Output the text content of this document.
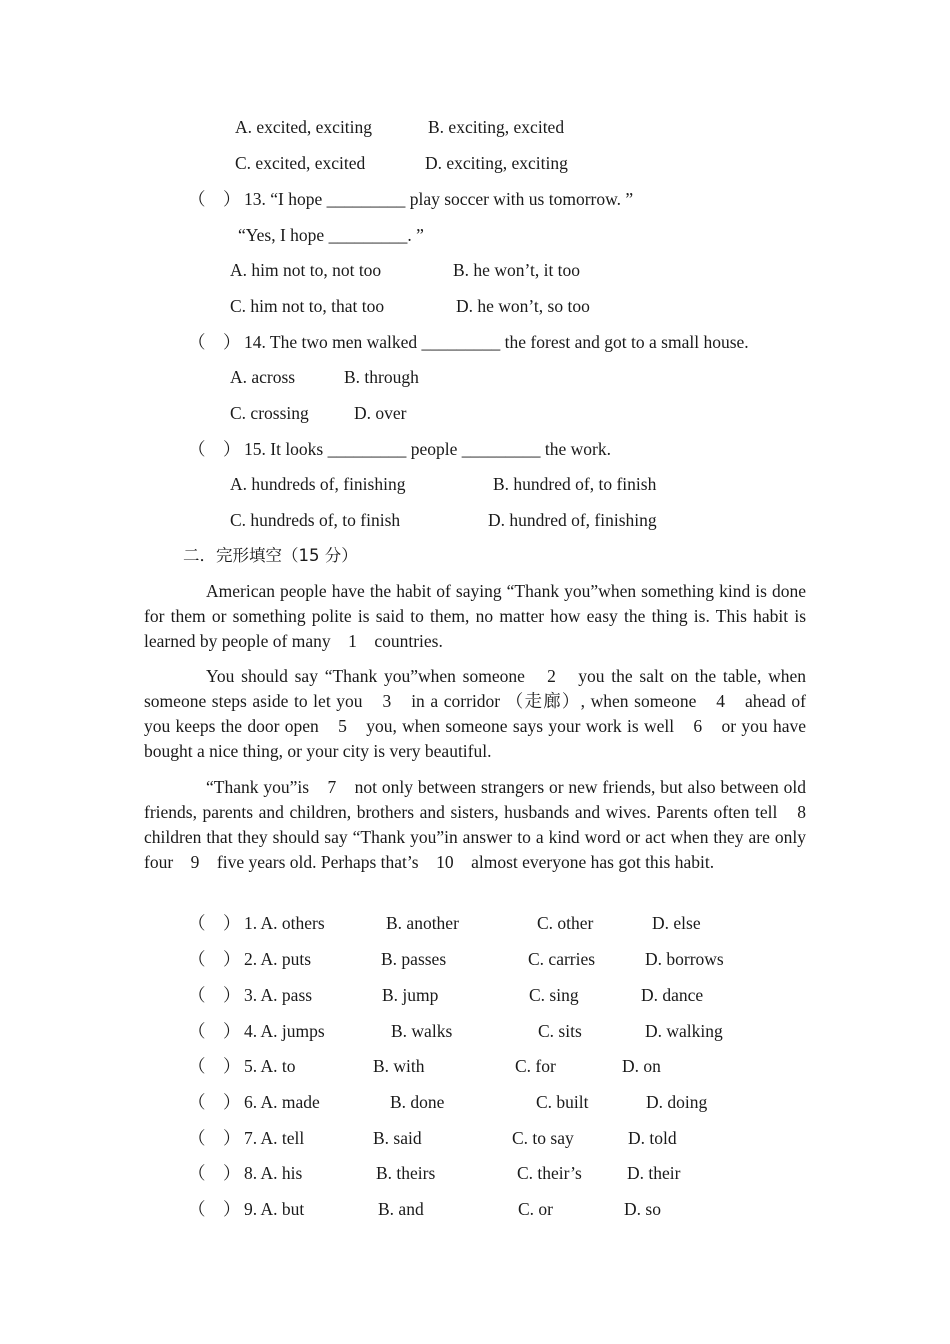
A. excited, exciting	B. exciting, excited
C. excited, excited	D. exciting, exciting
（　） 13. “I hope _________ play soccer with us tomorrow. ”
“Yes, I hope _________. ”
A. him not to, not too	B. he won’t, it too
C. him not to, that too	D. he won’t, so too
（　） 14. The two men walked _________ the forest and got to a small house.
A. across	B. through
C. crossing	D. over
（　） 15. It looks _________ people _________ the work.
A. hundreds of, finishing	B. hundred of, to finish
C. hundreds of, to finish	D. hundred of, finishing
二．完形填空（15 分）

American people have the habit of saying “Thank you”when something kind is done for them or something polite is said to them, no matter how easy the thing is. This habit is learned by people of many　1　countries.

You should say “Thank you”when someone　2　you the salt on the table, when someone steps aside to let you　3　in a corridor （走廊）, when someone　4　ahead of you keeps the door open　5　you, when someone says your work is well　6　or you have bought a nice thing, or your city is very beautiful.

“Thank you”is　7　not only between strangers or new friends, but also between old friends, parents and children, brothers and sisters, husbands and wives. Parents often tell　8　children that they should say “Thank you”in answer to a kind word or act when they are only four　9　five years old. Perhaps that’s　10　almost everyone has got this habit.

（　） 1. A. others	B. another	C. other	D. else
（　） 2. A. puts	B. passes	C. carries	D. borrows
（　） 3. A. pass	B. jump	C. sing	D. dance
（　） 4. A. jumps	B. walks	C. sits	D. walking
（　） 5. A. to	B. with	C. for	D. on
（　） 6. A. made	B. done	C. built	D. doing
（　） 7. A. tell	B. said	C. to say	D. told
（　） 8. A. his	B. theirs	C. their’s	D. their
（　） 9. A. but	B. and	C. or	D. so
